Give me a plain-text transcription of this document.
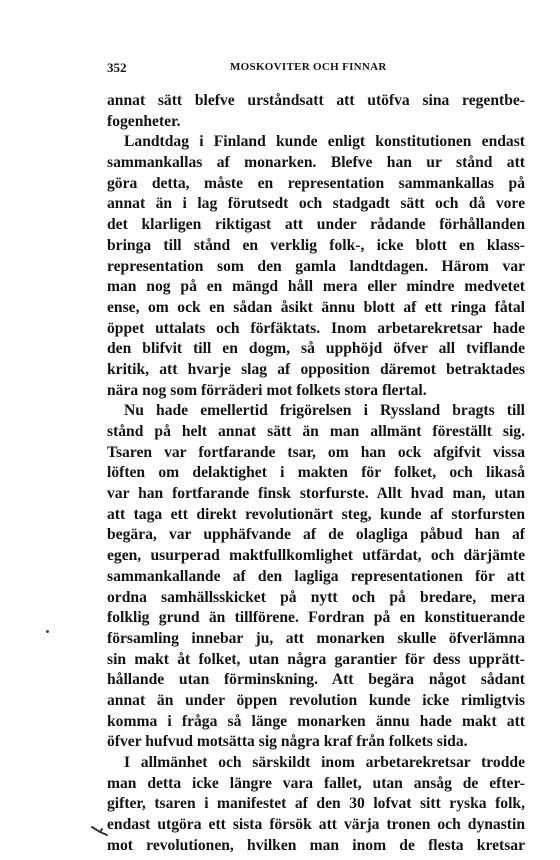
352	MOSKOVITER OCH FINNAR
annat sätt blefve urståndsatt att utöfva sina regentbe-
fogenheter.
Landtdag i Finland kunde enligt konstitutionen endast
sammankallas af monarken. Blefve han ur stånd att
göra detta, måste en representation sammankallas på
annat än i lag förutsedt och stadgadt sätt och då vore
det klarligen riktigast att under rådande förhållanden
bringa till stånd en verklig folk-, icke blott en klass-
representation som den gamla landtdagen. Härom var
man nog på en mängd håll mera eller mindre medvetet
ense, om ock en sådan åsikt ännu blott af ett ringa fåtal
öppet uttalats och förfäktats. Inom arbetarekretsar hade
den blifvit till en dogm, så upphöjd öfver all tviflande
kritik, att hvarje slag af opposition däremot betraktades
nära nog som förräderi mot folkets stora flertal.
Nu hade emellertid frigörelsen i Ryssland bragts till
stånd på helt annat sätt än man allmänt föreställt sig.
Tsaren var fortfarande tsar, om han ock afgifvit vissa
löften om delaktighet i makten för folket, och likaså
var han fortfarande finsk storfurste. Allt hvad man, utan
att taga ett direkt revolutionärt steg, kunde af storfursten
begära, var upphäfvande af de olagliga påbud han af
egen, usurperad maktfullkomlighet utfärdat, och därjämte
sammankallande af den lagliga representationen för att
ordna samhällsskicket på nytt och på bredare, mera
folklig grund än tillförene. Fordran på en konstituerande
församling innebar ju, att monarken skulle öfverlämna
sin makt åt folket, utan några garantier för dess upprätt-
hållande utan förminskning. Att begära något sådant
annat än under öppen revolution kunde icke rimligtvis
komma i fråga så länge monarken ännu hade makt att
öfver hufvud motsätta sig några kraf från folkets sida.
I allmänhet och särskildt inom arbetarekretsar trodde
man detta icke längre vara fallet, utan ansåg de efter-
gifter, tsaren i manifestet af den 30 lofvat sitt ryska folk,
endast utgöra ett sista försök att värja tronen och dynastin
mot revolutionen, hvilken man inom de flesta kretsar
